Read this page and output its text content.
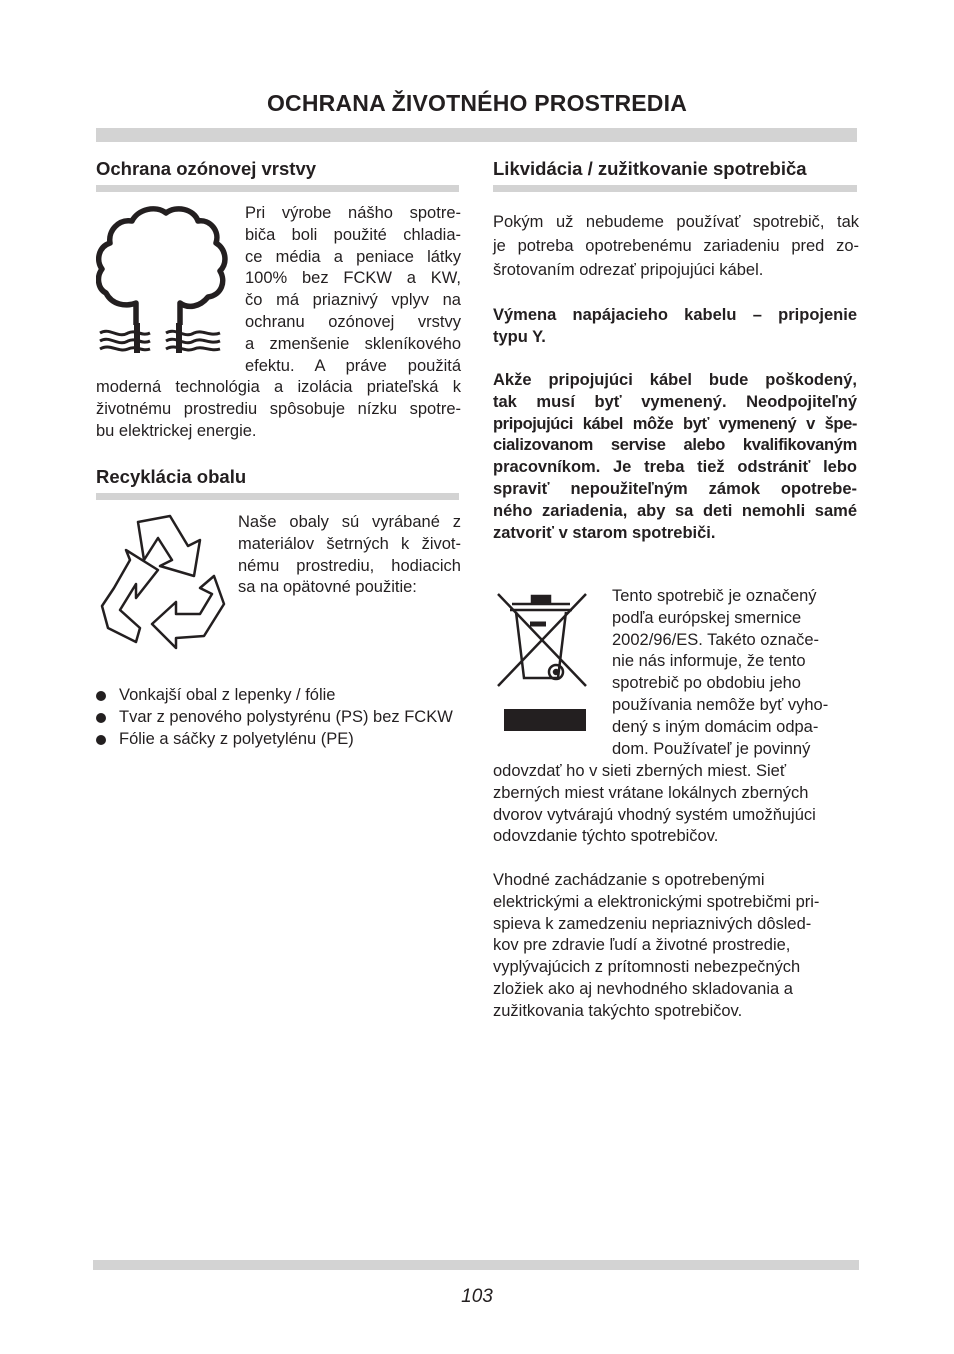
OCHRANA ŽIVOTNÉHO PROSTREDIA
Ochrana ozónovej vrstvy
Pri výrobe nášho spotre-
biča boli použité chladia-
ce média a peniace látky
100% bez FCKW a KW,
čo má priaznivý vplyv na
ochranu ozónovej vrstvy
a zmenšenie skleníkového
efektu. A práve použitá
moderná technológia a izolácia priateľská k
životnému prostrediu spôsobuje nízku spotre-
bu elektrickej energie.
Recyklácia obalu
Naše obaly sú vyrábané z
materiálov šetrných k život-
nému prostrediu, hodiacich
sa na opätovné použitie:
Vonkajší obal z lepenky / fólie
Tvar z penového polystyrénu (PS) bez FCKW
Fólie a sáčky z polyetylénu (PE)
Likvidácia / zužitkovanie spotrebiča
Pokým už nebudeme používať spotrebič, tak
je potreba opotrebenému zariadeniu pred zo-
šrotovaním odrezať pripojujúci kábel.
Výmena napájacieho kabelu – pripojenie
typu Y.
Akže pripojujúci kábel bude poškodený,
tak musí byť vymenený. Neodpojiteľný
pripojujúci kábel môže byť vymenený v špe-
cializovanom servise alebo kvalifikovaným
pracovníkom. Je treba tiež odstrániť lebo
spraviť nepoužiteľným zámok opotrebe-
ného zariadenia, aby sa deti nemohli samé
zatvoriť v starom spotrebiči.
Tento spotrebič je označený
podľa európskej smernice
2002/96/ES. Takéto označe-
nie nás informuje, že tento
spotrebič po obdobiu jeho
používania nemôže byť vyho-
dený s iným domácim odpa-
dom. Používateľ je povinný
odovzdať ho v sieti zberných miest. Sieť
zberných miest vrátane lokálnych zberných
dvorov vytvárajú vhodný systém umožňujúci
odovzdanie týchto spotrebičov.
Vhodné zachádzanie s opotrebenými
elektrickými a elektronickými spotrebičmi pri-
spieva k zamedzeniu nepriaznivých dôsled-
kov pre zdravie ľudí a životné prostredie,
vyplývajúcich z prítomnosti nebezpečných
zložiek ako aj nevhodného skladovania a
zužitkovania takýchto spotrebičov.
103
